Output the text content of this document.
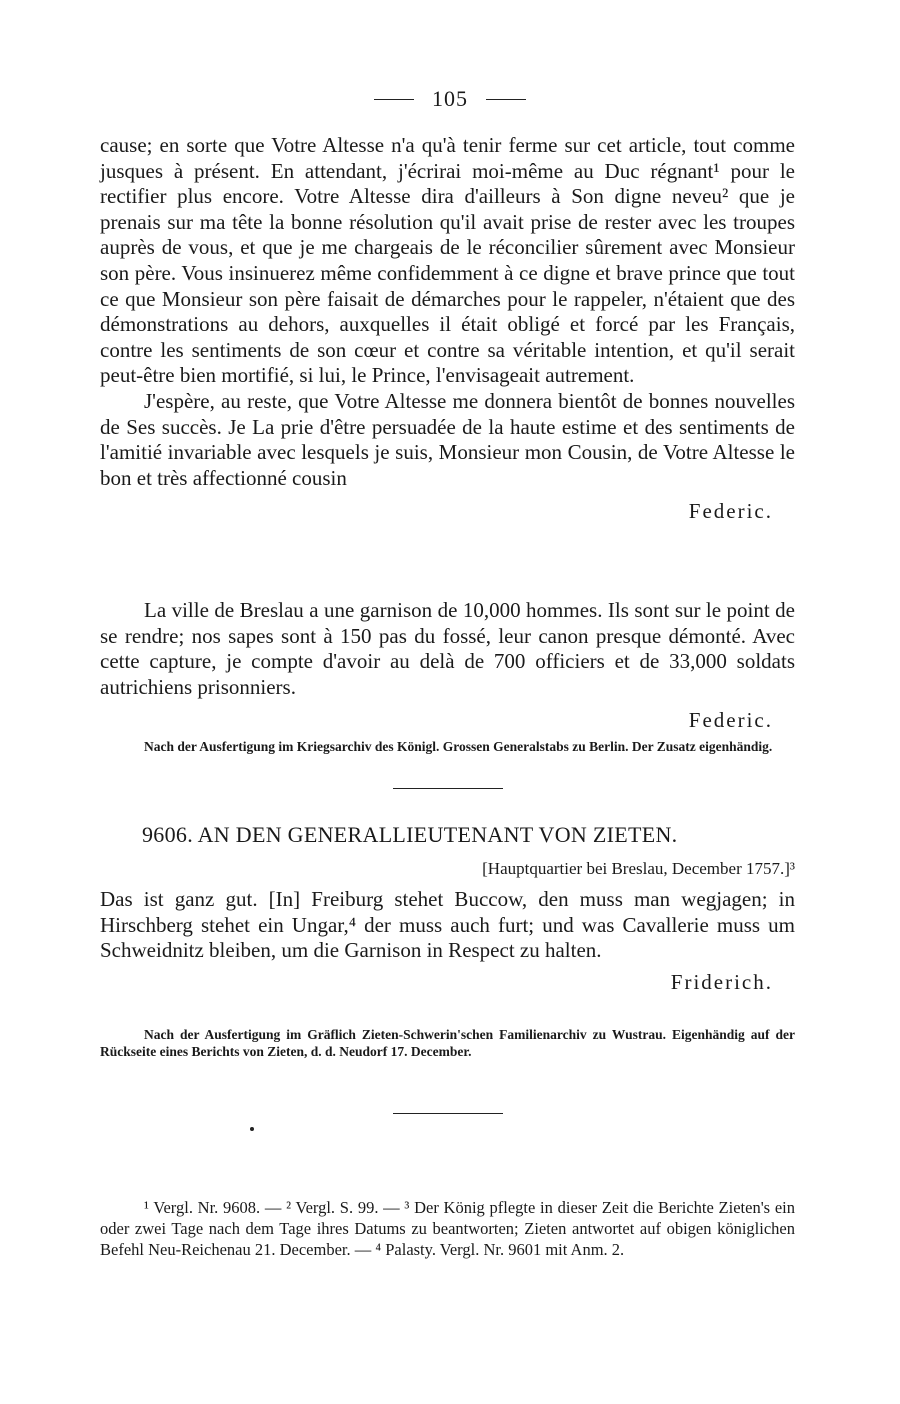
105

cause; en sorte que Votre Altesse n'a qu'à tenir ferme sur cet article, tout comme jusques à présent. En attendant, j'écrirai moi-même au Duc régnant¹ pour le rectifier plus encore. Votre Altesse dira d'ailleurs à Son digne neveu² que je prenais sur ma tête la bonne résolution qu'il avait prise de rester avec les troupes auprès de vous, et que je me chargeais de le réconcilier sûrement avec Monsieur son père. Vous insinuerez même confidemment à ce digne et brave prince que tout ce que Monsieur son père faisait de démarches pour le rappeler, n'étaient que des démonstrations au dehors, auxquelles il était obligé et forcé par les Français, contre les sentiments de son cœur et contre sa véritable intention, et qu'il serait peut-être bien mortifié, si lui, le Prince, l'envisageait autrement.

J'espère, au reste, que Votre Altesse me donnera bientôt de bonnes nouvelles de Ses succès. Je La prie d'être persuadée de la haute estime et des sentiments de l'amitié invariable avec lesquels je suis, Monsieur mon Cousin, de Votre Altesse le bon et très affectionné cousin

Federic.

La ville de Breslau a une garnison de 10,000 hommes. Ils sont sur le point de se rendre; nos sapes sont à 150 pas du fossé, leur canon presque démonté. Avec cette capture, je compte d'avoir au delà de 700 officiers et de 33,000 soldats autrichiens prisonniers.

Federic.

Nach der Ausfertigung im Kriegsarchiv des Königl. Grossen Generalstabs zu Berlin. Der Zusatz eigenhändig.

9606. AN DEN GENERALLIEUTENANT VON ZIETEN.

[Hauptquartier bei Breslau, December 1757.]³

Das ist ganz gut. [In] Freiburg stehet Buccow, den muss man wegjagen; in Hirschberg stehet ein Ungar,⁴ der muss auch furt; und was Cavallerie muss um Schweidnitz bleiben, um die Garnison in Respect zu halten.

Friderich.

Nach der Ausfertigung im Gräflich Zieten-Schwerin'schen Familienarchiv zu Wustrau. Eigenhändig auf der Rückseite eines Berichts von Zieten, d. d. Neudorf 17. December.

¹ Vergl. Nr. 9608. — ² Vergl. S. 99. — ³ Der König pflegte in dieser Zeit die Berichte Zieten's ein oder zwei Tage nach dem Tage ihres Datums zu beantworten; Zieten antwortet auf obigen königlichen Befehl Neu-Reichenau 21. December. — ⁴ Palasty. Vergl. Nr. 9601 mit Anm. 2.
